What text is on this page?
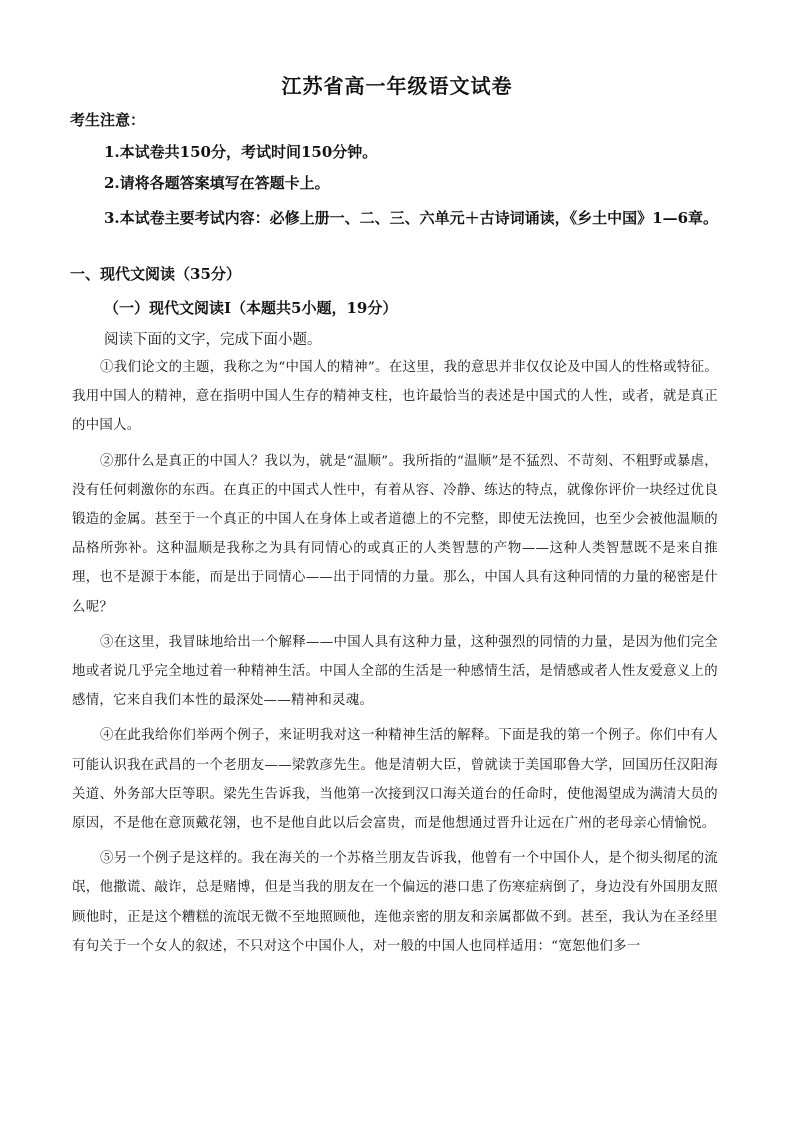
江苏省高一年级语文试卷
考生注意：
1.本试卷共150分，考试时间150分钟。
2.请将各题答案填写在答题卡上。
3.本试卷主要考试内容：必修上册一、二、三、六单元＋古诗词诵读，《乡土中国》1—6章。
一、现代文阅读（35分）
（一）现代文阅读Ⅰ（本题共5小题，19分）
阅读下面的文字，完成下面小题。

①我们论文的主题，我称之为“中国人的精神”。在这里，我的意思并非仅仅论及中国人的性格或特征。我用中国人的精神，意在指明中国人生存的精神支柱，也许最恰当的表述是中国式的人性，或者，就是真正的中国人。

②那什么是真正的中国人？我以为，就是“温顺”。我所指的“温顺”是不猛烈、不苛刻、不粗野或暴虐，没有任何刺激你的东西。在真正的中国式人性中，有着从容、冷静、练达的特点，就像你评价一块经过优良锻造的金属。甚至于一个真正的中国人在身体上或者道德上的不完整，即使无法挽回，也至少会被他温顺的品格所弥补。这种温顺是我称之为具有同情心的或真正的人类智慧的产物——这种人类智慧既不是来自推理，也不是源于本能，而是出于同情心——出于同情的力量。那么，中国人具有这种同情的力量的秘密是什么呢？

③在这里，我冒昧地给出一个解释——中国人具有这种力量，这种强烈的同情的力量，是因为他们完全地或者说几乎完全地过着一种精神生活。中国人全部的生活是一种感情生活，是情感或者人性友爱意义上的感情，它来自我们本性的最深处——精神和灵魂。

④在此我给你们举两个例子，来证明我对这一种精神生活的解释。下面是我的第一个例子。你们中有人可能认识我在武昌的一个老朋友——梁敦彦先生。他是清朝大臣，曾就读于美国耶鲁大学，回国历任汉阳海关道、外务部大臣等职。梁先生告诉我，当他第一次接到汉口海关道台的任命时，使他渴望成为满清大员的原因，不是他在意顶戴花翎，也不是他自此以后会富贵，而是他想通过晋升让远在广州的老母亲心情愉悦。

⑤另一个例子是这样的。我在海关的一个苏格兰朋友告诉我，他曾有一个中国仆人，是个彻头彻尾的流氓，他撒谎、敲诈，总是赌博，但是当我的朋友在一个偏远的港口患了伤寒症病倒了，身边没有外国朋友照顾他时，正是这个糟糕的流氓无微不至地照顾他，连他亲密的朋友和亲属都做不到。甚至，我认为在圣经里有句关于一个女人的叙述，不只对这个中国仆人，对一般的中国人也同样适用：“宽恕他们多一
